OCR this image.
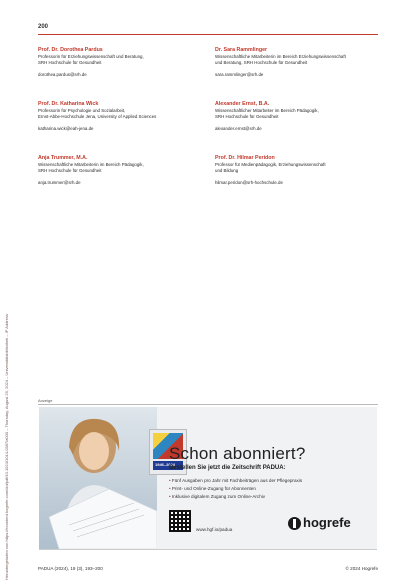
Heruntergeladen von https://econtent.hogrefe.com/doi/pdf/10.1024/1014-0387/a000 – Thursday, August 29, 2024 – Universitätsbibliothek – IP Address
200
Prof. Dr. Dorothea Pardus
Professorin für Erziehungswissenschaft und Beratung,
SRH Hochschule für Gesundheit
dorothea.pardus@srh.de
Dr. Sara Rammlinger
Wissenschaftliche Mitarbeiterin im Bereich Erziehungswissenschaft
und Beratung, SRH Hochschule für Gesundheit
sara.rammlinger@srh.de
Prof. Dr. Katharina Wick
Professorin für Psychologie und Sozialarbeit,
Ernst-Abbe-Hochschule Jena, University of Applied Sciences
katharina.wick@eah-jena.de
Alexander Ernst, B.A.
Wissenschaftlicher Mitarbeiter im Bereich Pädagogik,
SRH Hochschule für Gesundheit
alexander.ernst@srh.de
Anja Trummer, M.A.
Wissenschaftliche Mitarbeiterin im Bereich Pädagogik,
SRH Hochschule für Gesundheit
anja.trummer@srh.de
Prof. Dr. Hilmar Peridon
Professor für Medienpädagogik, Erziehungswissenschaft
und Bildung
hilmar.peridon@srh-hochschule.de
Anzeige
1946–2024
Schon abonniert?
Bestellen Sie jetzt die Zeitschrift PADUA:
• Fünf Ausgaben pro Jahr mit Fachbeiträgen aus der Pflegepraxis
• Print- und Online-Zugang für Abonnenten
• Inklusive digitalem Zugang zum Online-Archiv
www.hgf.io/padua	hogrefe
PADUA (2024), 19 (3), 193–200	© 2024 Hogrefe
